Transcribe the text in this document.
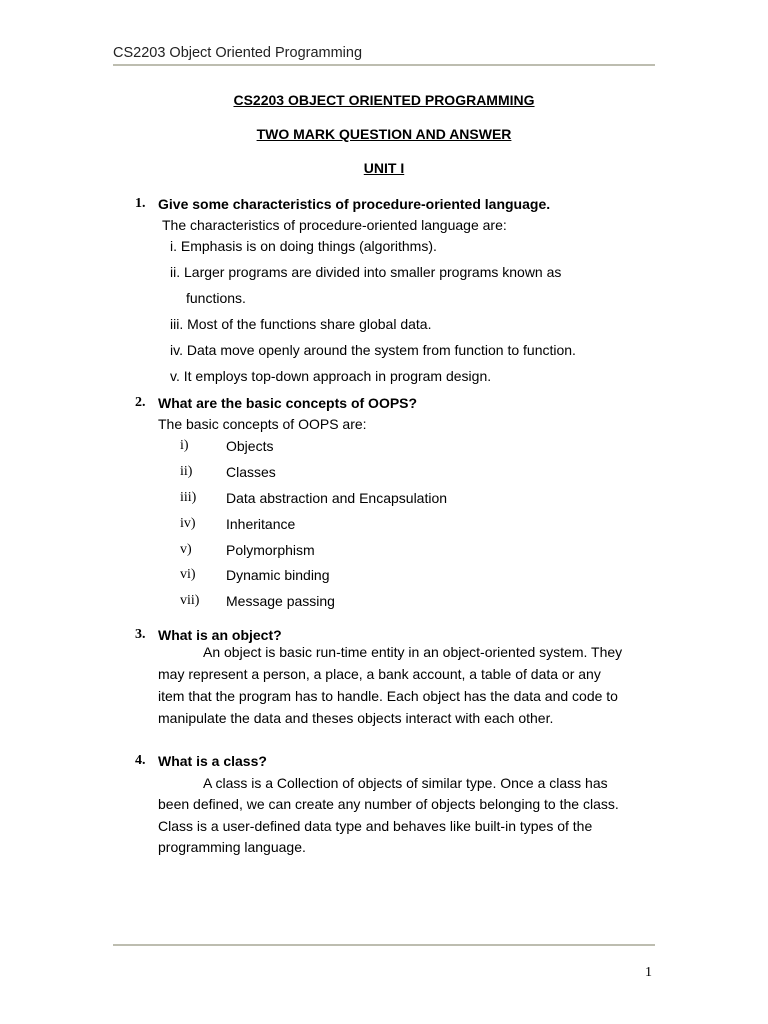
CS2203 Object Oriented Programming
CS2203 OBJECT ORIENTED PROGRAMMING
TWO MARK QUESTION AND ANSWER
UNIT I
1. Give some characteristics of procedure-oriented language.
The characteristics of procedure-oriented language are:
i. Emphasis is on doing things (algorithms).
ii. Larger programs are divided into smaller programs known as
functions.
iii. Most of the functions share global data.
iv. Data move openly around the system from function to function.
v. It employs top-down approach in program design.
2. What are the basic concepts of OOPS?
The basic concepts of OOPS are:
i)	Objects
ii) Classes
iii) Data abstraction and Encapsulation
iv) Inheritance
v) Polymorphism
vi) Dynamic binding
vii) Message passing
3. What is an object?
An object is basic run-time entity in an object-oriented system. They
may represent a person, a place, a bank account, a table of data or any
item that the program has to handle. Each object has the data and code to
manipulate the data and theses objects interact with each other.
4. What is a class?
A class is a Collection of objects of similar type. Once a class has
been defined, we can create any number of objects belonging to the class.
Class is a user-defined data type and behaves like built-in types of the
programming language.
1
